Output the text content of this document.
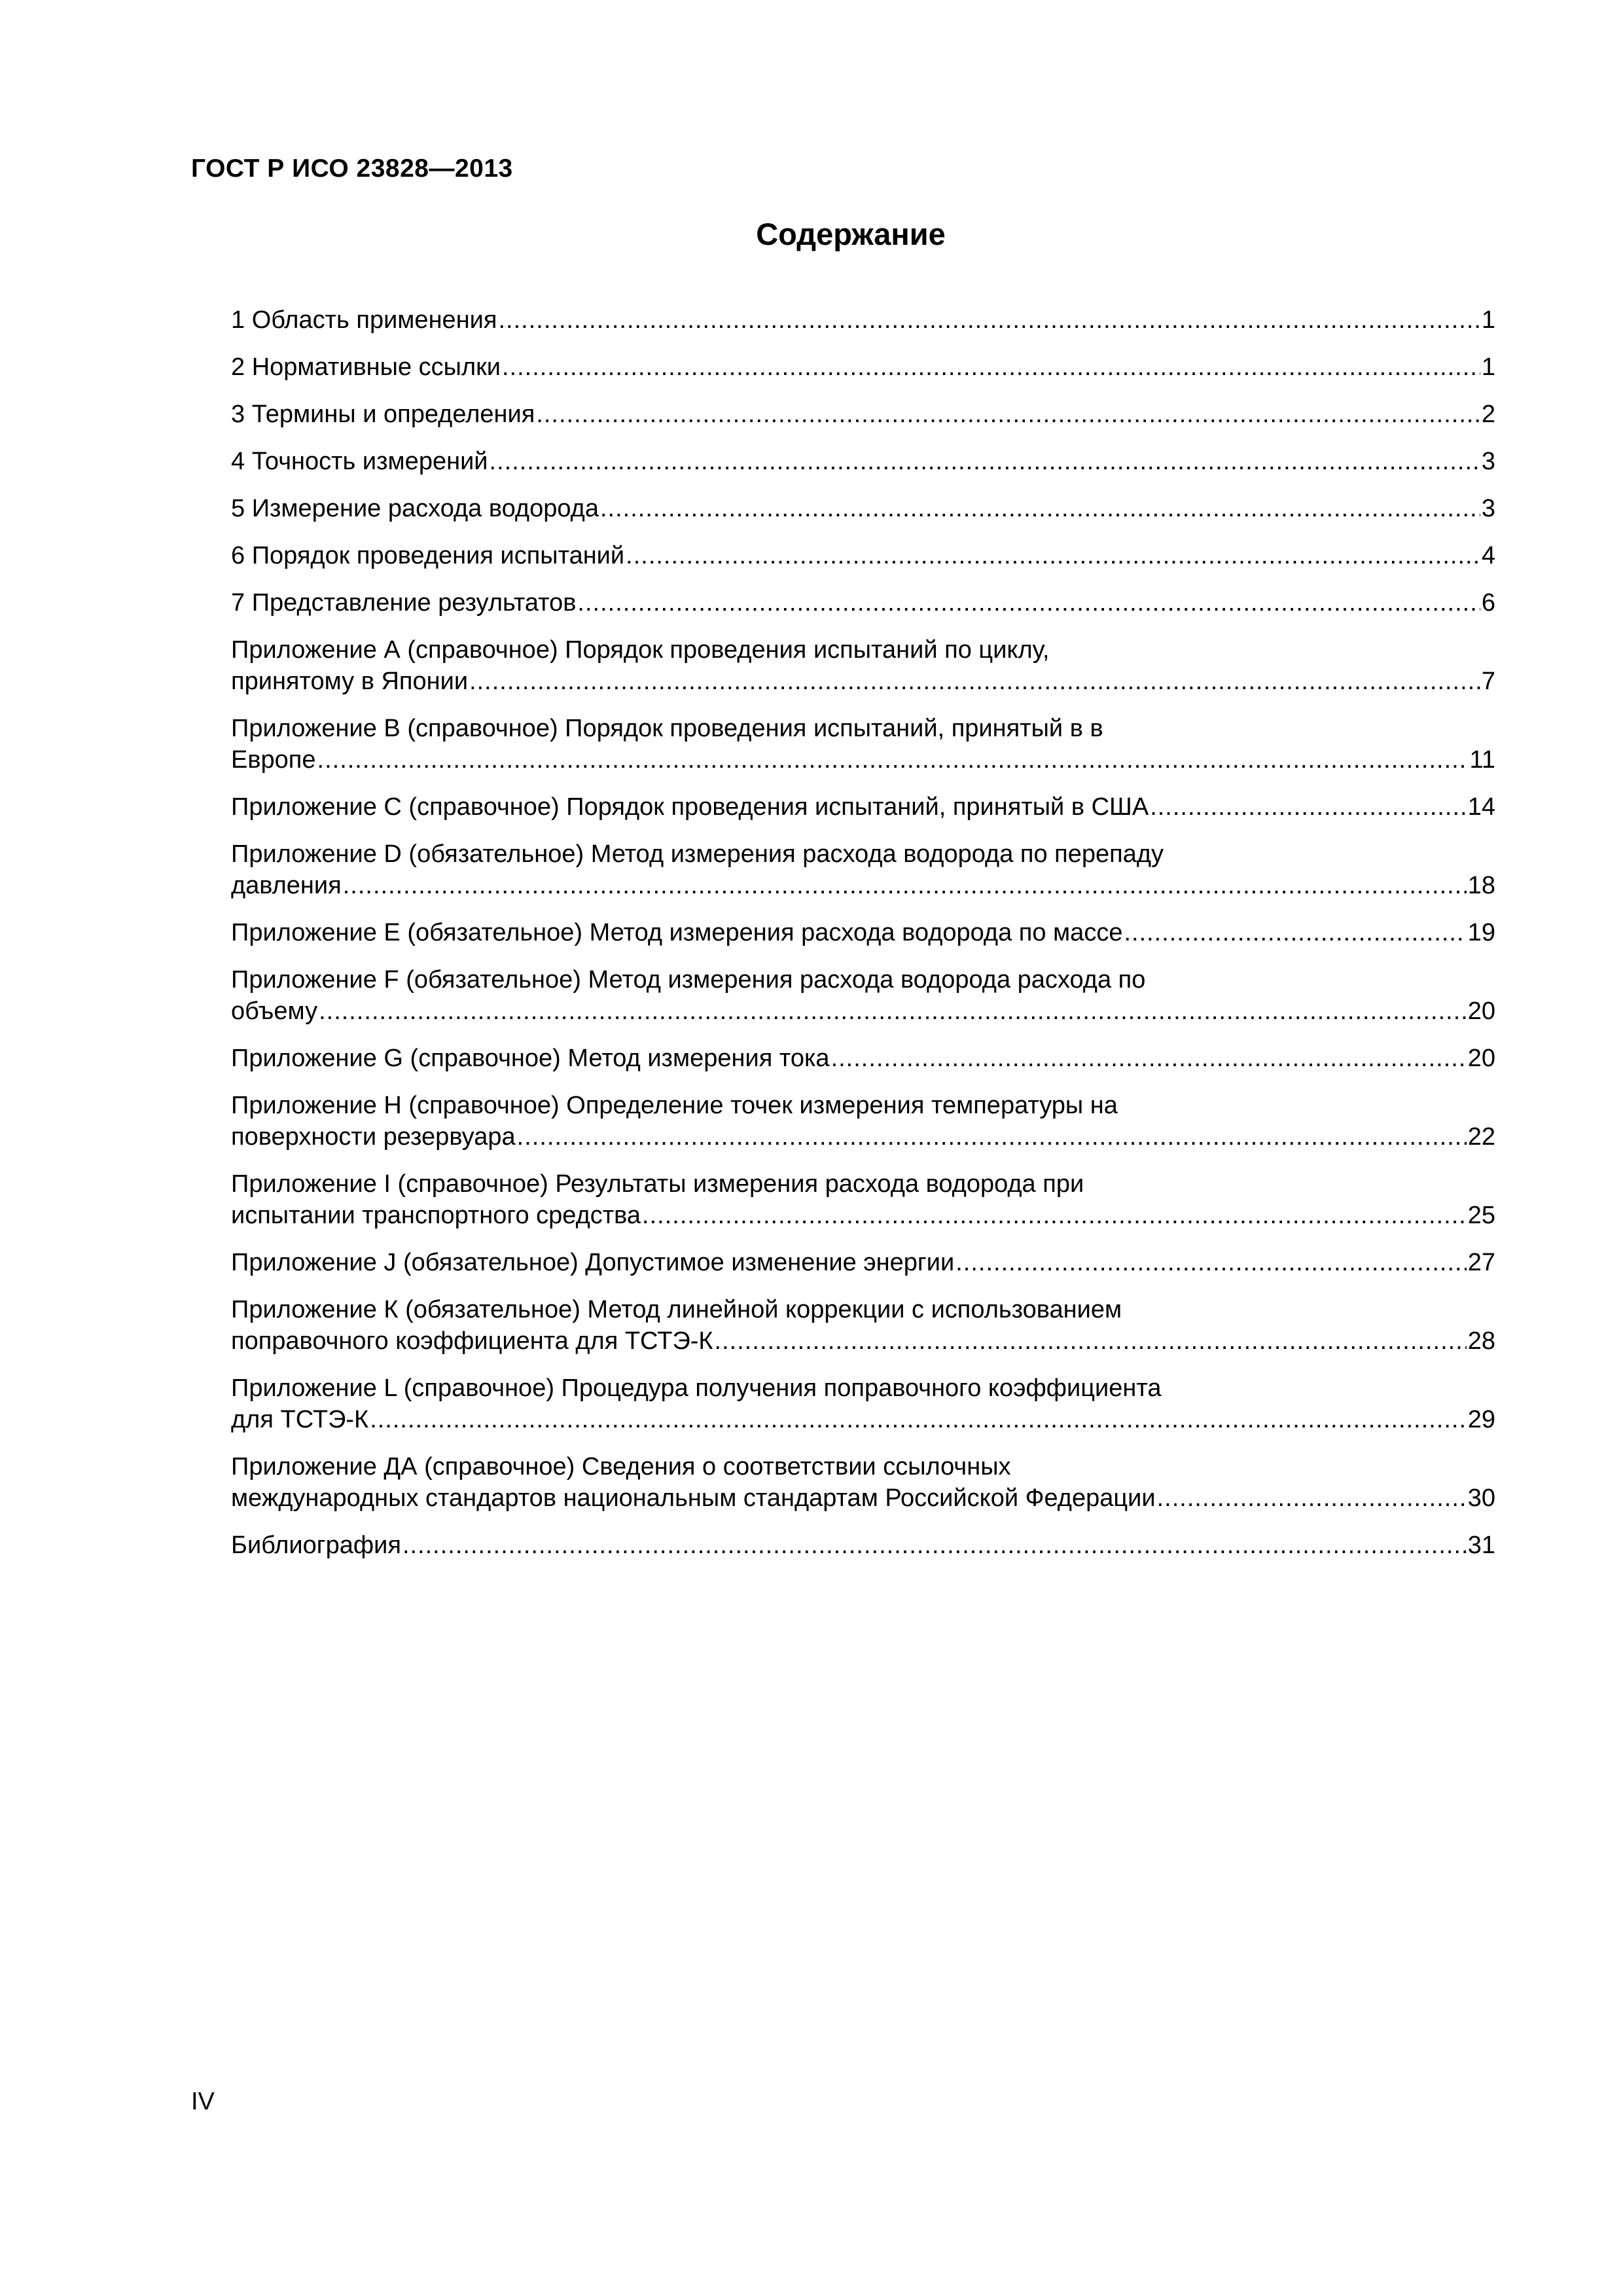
ГОСТ Р ИСО 23828—2013
Содержание
1 Область применения .....	1
2 Нормативные ссылки .....	1
3 Термины и определения .....	2
4 Точность измерений .....	3
5 Измерение расхода водорода .....	3
6 Порядок проведения испытаний .....	4
7 Представление результатов .....	6
Приложение А (справочное) Порядок проведения испытаний по циклу,
принятому в Японии .....	7
Приложение В (справочное) Порядок проведения испытаний, принятый в в
Европе .....	11
Приложение С (справочное) Порядок проведения испытаний, принятый в США .....	14
Приложение D (обязательное) Метод измерения расхода водорода по перепаду
давления .....	18
Приложение Е (обязательное) Метод измерения расхода водорода по массе .....	19
Приложение F (обязательное) Метод измерения расхода водорода расхода по
объему .....	20
Приложение G (справочное) Метод измерения тока .....	20
Приложение Н (справочное) Определение точек измерения температуры на
поверхности резервуара .....	22
Приложение I (справочное) Результаты измерения расхода водорода при
испытании транспортного средства .....	25
Приложение J (обязательное) Допустимое изменение энергии .....	27
Приложение К (обязательное) Метод линейной коррекции с использованием
поправочного коэффициента для ТСТЭ-К .....	28
Приложение L (справочное) Процедура получения поправочного коэффициента
для ТСТЭ-К .....	29
Приложение ДА (справочное) Сведения о соответствии ссылочных
международных стандартов национальным стандартам Российской Федерации .....	30
Библиография .....	31
IV
